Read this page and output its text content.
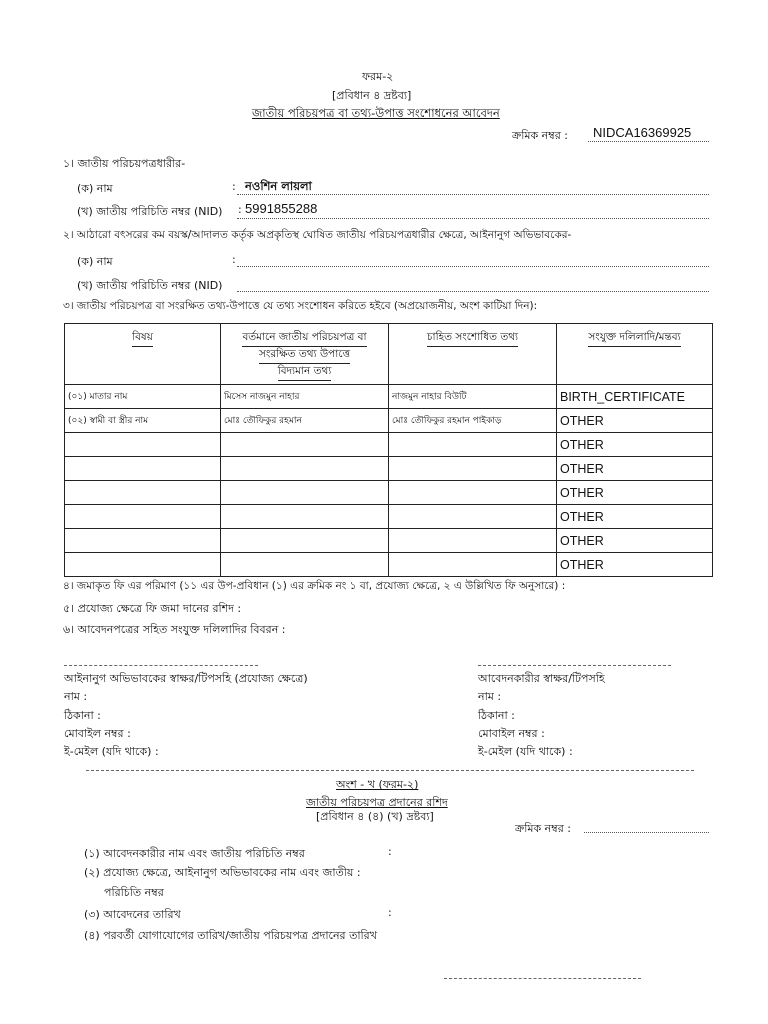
ফরম-২
[প্রবিধান ৪ দ্রষ্টব্য]
জাতীয় পরিচয়পত্র বা তথ্য-উপাত্ত সংশোধনের আবেদন
ক্রমিক নম্বর : NIDCA16369925
১। জাতীয় পরিচয়পত্রধারীর-
(ক) নাম	: নওশিন লায়লা
(খ) জাতীয় পরিচিতি নম্বর (NID) : 5991855288
২। আঠারো বৎসরের কম বয়স্ক/আদালত কর্তৃক অপ্রকৃতিস্থ ঘোষিত জাতীয় পরিচয়পত্রধারীর ক্ষেত্রে, আইনানুগ অভিভাবকের-
(ক) নাম	:
(খ) জাতীয় পরিচিতি নম্বর (NID)
৩। জাতীয় পরিচয়পত্র বা সংরক্ষিত তথ্য-উপাত্তে যে তথ্য সংশোধন করিতে হইবে (অপ্রয়োজনীয়, অংশ কাটিয়া দিন):
বিষয়	বর্তমানে জাতীয় পরিচয়পত্র বা
সংরক্ষিত তথ্য উপাত্তে
বিদ্যমান তথ্য	চাহিত সংশোধিত তথ্য	সংযুক্ত দলিলাদি/মন্তব্য
(০১) মাতার নাম	মিসেস নাজমুন নাহার	নাজমুন নাহার বিউটি	BIRTH_CERTIFICATE
(০২) স্বামী বা স্ত্রীর নাম	মোঃ তৌফিকুর রহমান	মোঃ তৌফিকুর রহমান পাইকাড়	OTHER
			OTHER
			OTHER
			OTHER
			OTHER
			OTHER
			OTHER
৪। জমাকৃত ফি এর পরিমাণ (১১ এর উপ-প্রবিধান (১) এর ক্রমিক নং ১ বা, প্রযোজ্য ক্ষেত্রে, ২ এ উল্লিখিত ফি অনুসারে) :
৫। প্রযোজ্য ক্ষেত্রে ফি জমা দানের রশিদ :
৬। আবেদনপত্রের সহিত সংযুক্ত দলিলাদির বিবরন :
আইনানুগ অভিভাবকের স্বাক্ষর/টিপসহি (প্রযোজ্য ক্ষেত্রে)
নাম :
ঠিকানা :
মোবাইল নম্বর :
ই-মেইল (যদি থাকে) :
আবেদনকারীর স্বাক্ষর/টিপসহি
নাম :
ঠিকানা :
মোবাইল নম্বর :
ই-মেইল (যদি থাকে) :
অংশ - খ (ফরম-২)
জাতীয় পরিচয়পত্র প্রদানের রশিদ
[প্রবিধান ৪ (৪) (খ) দ্রষ্টব্য]
ক্রমিক নম্বর :
(১) আবেদনকারীর নাম এবং জাতীয় পরিচিতি নম্বর	:
(২) প্রযোজ্য ক্ষেত্রে, আইনানুগ অভিভাবকের নাম এবং জাতীয় :
পরিচিতি নম্বর
(৩) আবেদনের তারিখ	:
(৪) পরবর্তী যোগাযোগের তারিখ/জাতীয় পরিচয়পত্র প্রদানের তারিখ
